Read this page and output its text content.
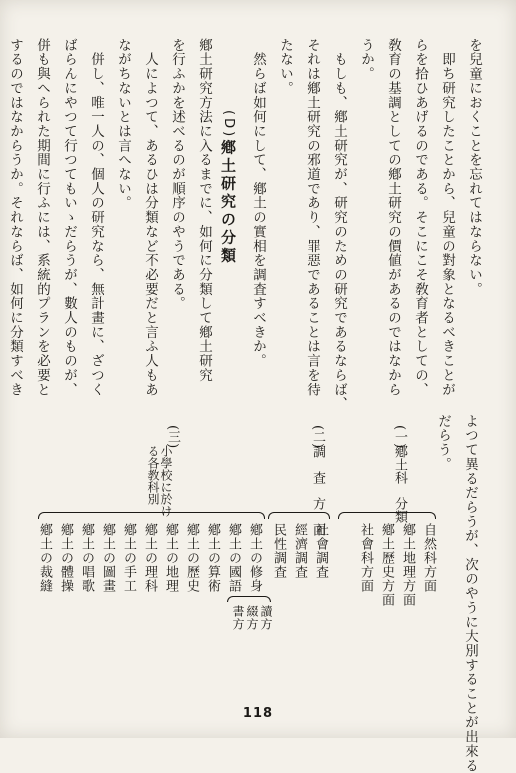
を兒童におくことを忘れてはならない。
　即ち研究したことから、兒童の對象となるべきことが
らを拾ひあげるのである。そこにこそ敎育者としての、
敎育の基調としての鄕土研究の價値があるのではなから
うか。
　もしも、鄕土研究が、研究のための研究であるならば、
それは鄕土研究の邪道であり、罪惡であることは言を待
たない。
　然らば如何にして、鄕土の實相を調査すべきか。
(D)鄕土研究の分類
鄕土研究方法に入るまでに、如何に分類して鄕土研究
を行ふかを述べるのが順序のやうである。
　人によつて、あるひは分類など不必要だと言ふ人もあ
ながちないとは言へない。
　併し、唯一人の、個人の研究なら、無計畫に、ざつく
ばらんにやつて行つてもいゝだらうが、數人のものが、
併も與へられた期間に行ふには、系統的プランを必要と
するのではなからうか。それならば、如何に分類すべき
よつて異るだらうが、次のやうに大別することが出來る
だらう。
(一)
鄕土科　分類
自然科方面
鄕土地理方面
鄕土歷史方面
社會科方面
(二)
調　査　方　面
社會調査
經濟調査
民性調査
(三)
小學校に於け
る各教科別
鄕土の修身
鄕土の國語
鄕土の算術
鄕土の歷史
鄕土の地理
鄕土の理科
鄕土の手工
鄕土の圖畫
鄕土の唱歌
鄕土の體操
鄕土の裁縫
讀方
綴方
書方
118
